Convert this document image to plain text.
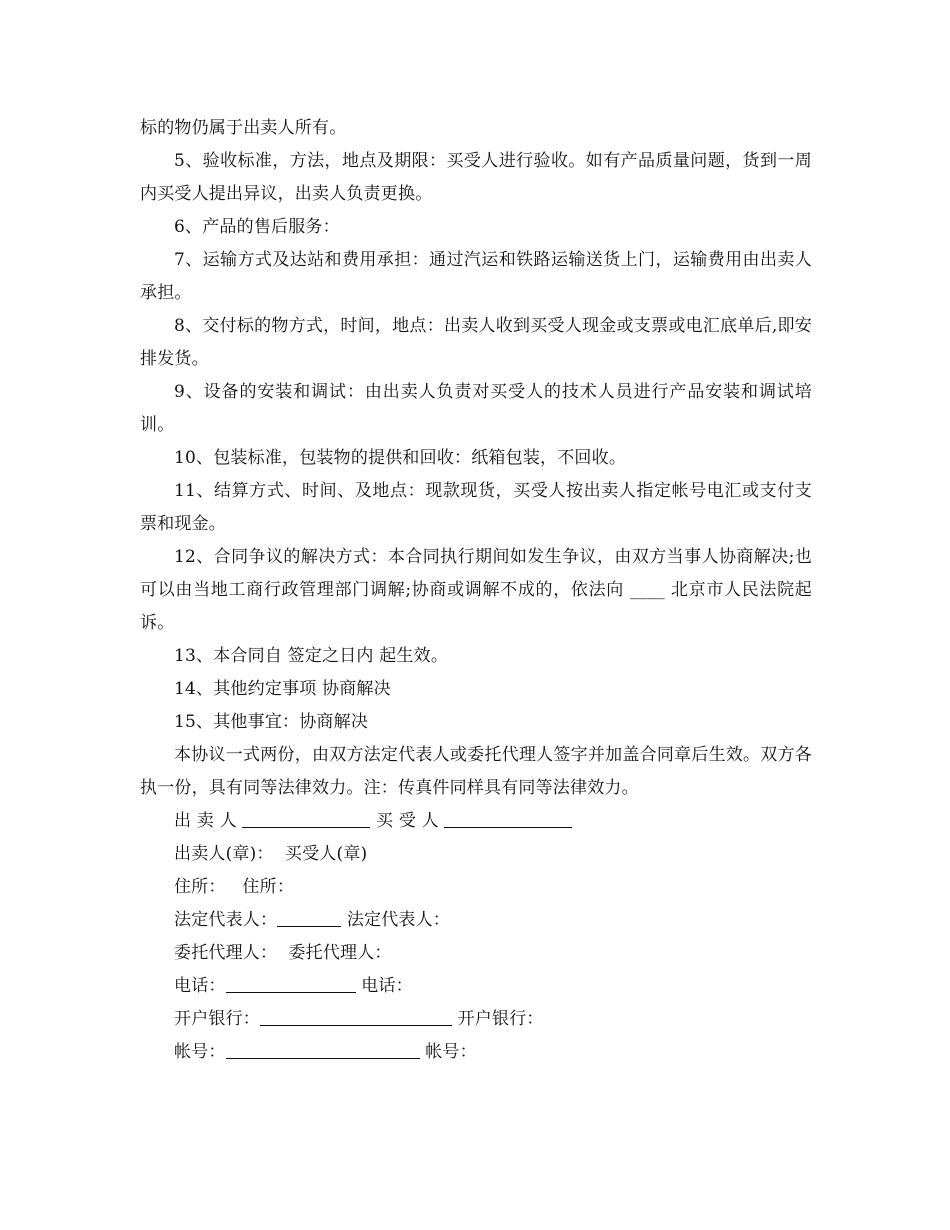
标的物仍属于出卖人所有。

5、验收标准，方法，地点及期限：买受人进行验收。如有产品质量问题，货到一周内买受人提出异议，出卖人负责更换。

6、产品的售后服务：

7、运输方式及达站和费用承担：通过汽运和铁路运输送货上门，运输费用由出卖人承担。

8、交付标的物方式，时间，地点：出卖人收到买受人现金或支票或电汇底单后,即安排发货。

9、设备的安装和调试：由出卖人负责对买受人的技术人员进行产品安装和调试培训。

10、包装标准，包装物的提供和回收：纸箱包装，不回收。

11、结算方式、时间、及地点：现款现货，买受人按出卖人指定帐号电汇或支付支票和现金。

12、合同争议的解决方式：本合同执行期间如发生争议，由双方当事人协商解决;也可以由当地工商行政管理部门调解;协商或调解不成的，依法向 ____ 北京市人民法院起诉。

13、本合同自 签定之日内 起生效。

14、其他约定事项 协商解决

15、其他事宜：协商解决

本协议一式两份，由双方法定代表人或委托代理人签字并加盖合同章后生效。双方各执一份，具有同等法律效力。注：传真件同样具有同等法律效力。

出 卖 人	买 受 人
出卖人(章)： 买受人(章)
住所： 住所：
法定代表人：	法定代表人：
委托代理人： 委托代理人：
电话：	电话：
开户银行：	开户银行：
帐号：	帐号：
